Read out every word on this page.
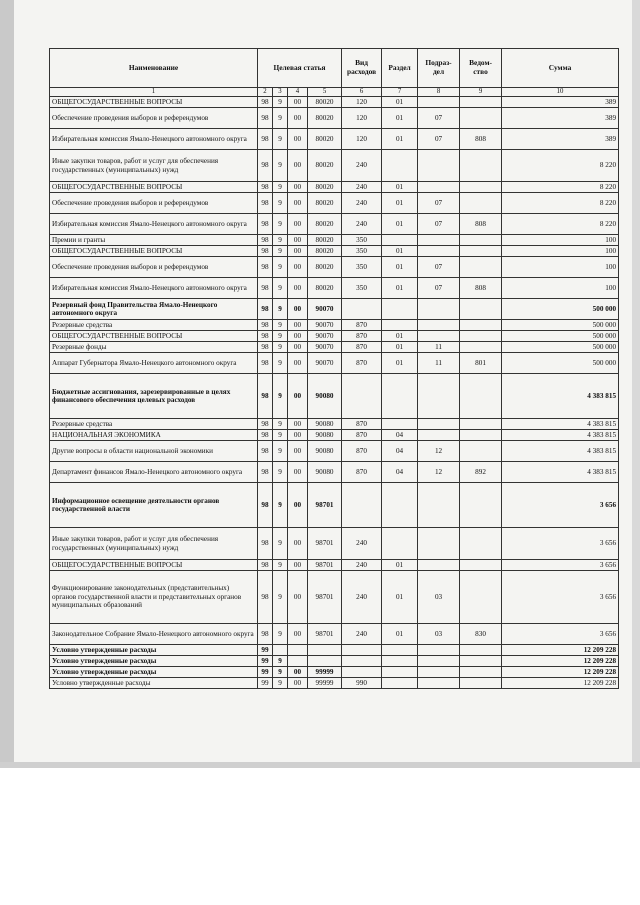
Наименование	Целевая статья				Вид расходов	Раздел	Подраз-дел	Ведом-ство	Сумма
1	2	3	4	5	6	7	8	9	10
ОБЩЕГОСУДАРСТВЕННЫЕ ВОПРОСЫ	98	9	00	80020	120	01			389
Обеспечение проведения выборов и референдумов	98	9	00	80020	120	01	07		389
Избирательная комиссия Ямало-Ненецкого автономного округа	98	9	00	80020	120	01	07	808	389
Иные закупки товаров, работ и услуг для обеспечения государственных (муниципальных) нужд	98	9	00	80020	240				8 220
ОБЩЕГОСУДАРСТВЕННЫЕ ВОПРОСЫ	98	9	00	80020	240	01			8 220
Обеспечение проведения выборов и референдумов	98	9	00	80020	240	01	07		8 220
Избирательная комиссия Ямало-Ненецкого автономного округа	98	9	00	80020	240	01	07	808	8 220
Премии и гранты	98	9	00	80020	350				100
ОБЩЕГОСУДАРСТВЕННЫЕ ВОПРОСЫ	98	9	00	80020	350	01			100
Обеспечение проведения выборов и референдумов	98	9	00	80020	350	01	07		100
Избирательная комиссия Ямало-Ненецкого автономного округа	98	9	00	80020	350	01	07	808	100
Резервный фонд Правительства Ямало-Ненецкого автономного округа	98	9	00	90070					500 000
Резервные средства	98	9	00	90070	870				500 000
ОБЩЕГОСУДАРСТВЕННЫЕ ВОПРОСЫ	98	9	00	90070	870	01			500 000
Резервные фонды	98	9	00	90070	870	01	11		500 000
Аппарат Губернатора Ямало-Ненецкого автономного округа	98	9	00	90070	870	01	11	801	500 000
Бюджетные ассигнования, зарезервированные в целях финансового обеспечения целевых расходов	98	9	00	90080					4 383 815
Резервные средства	98	9	00	90080	870				4 383 815
НАЦИОНАЛЬНАЯ ЭКОНОМИКА	98	9	00	90080	870	04			4 383 815
Другие вопросы в области национальной экономики	98	9	00	90080	870	04	12		4 383 815
Департамент финансов Ямало-Ненецкого автономного округа	98	9	00	90080	870	04	12	892	4 383 815
Информационное освещение деятельности органов государственной власти	98	9	00	98701					3 656
Иные закупки товаров, работ и услуг для обеспечения государственных (муниципальных) нужд	98	9	00	98701	240				3 656
ОБЩЕГОСУДАРСТВЕННЫЕ ВОПРОСЫ	98	9	00	98701	240	01			3 656
Функционирование законодательных (представительных) органов государственной власти и представительных органов муниципальных образований	98	9	00	98701	240	01	03		3 656
Законодательное Собрание Ямало-Ненецкого автономного округа	98	9	00	98701	240	01	03	830	3 656
Условно утвержденные расходы	99								12 209 228
Условно утвержденные расходы	99	9							12 209 228
Условно утвержденные расходы	99	9	00	99999					12 209 228
Условно утвержденные расходы	99	9	00	99999	990				12 209 228
